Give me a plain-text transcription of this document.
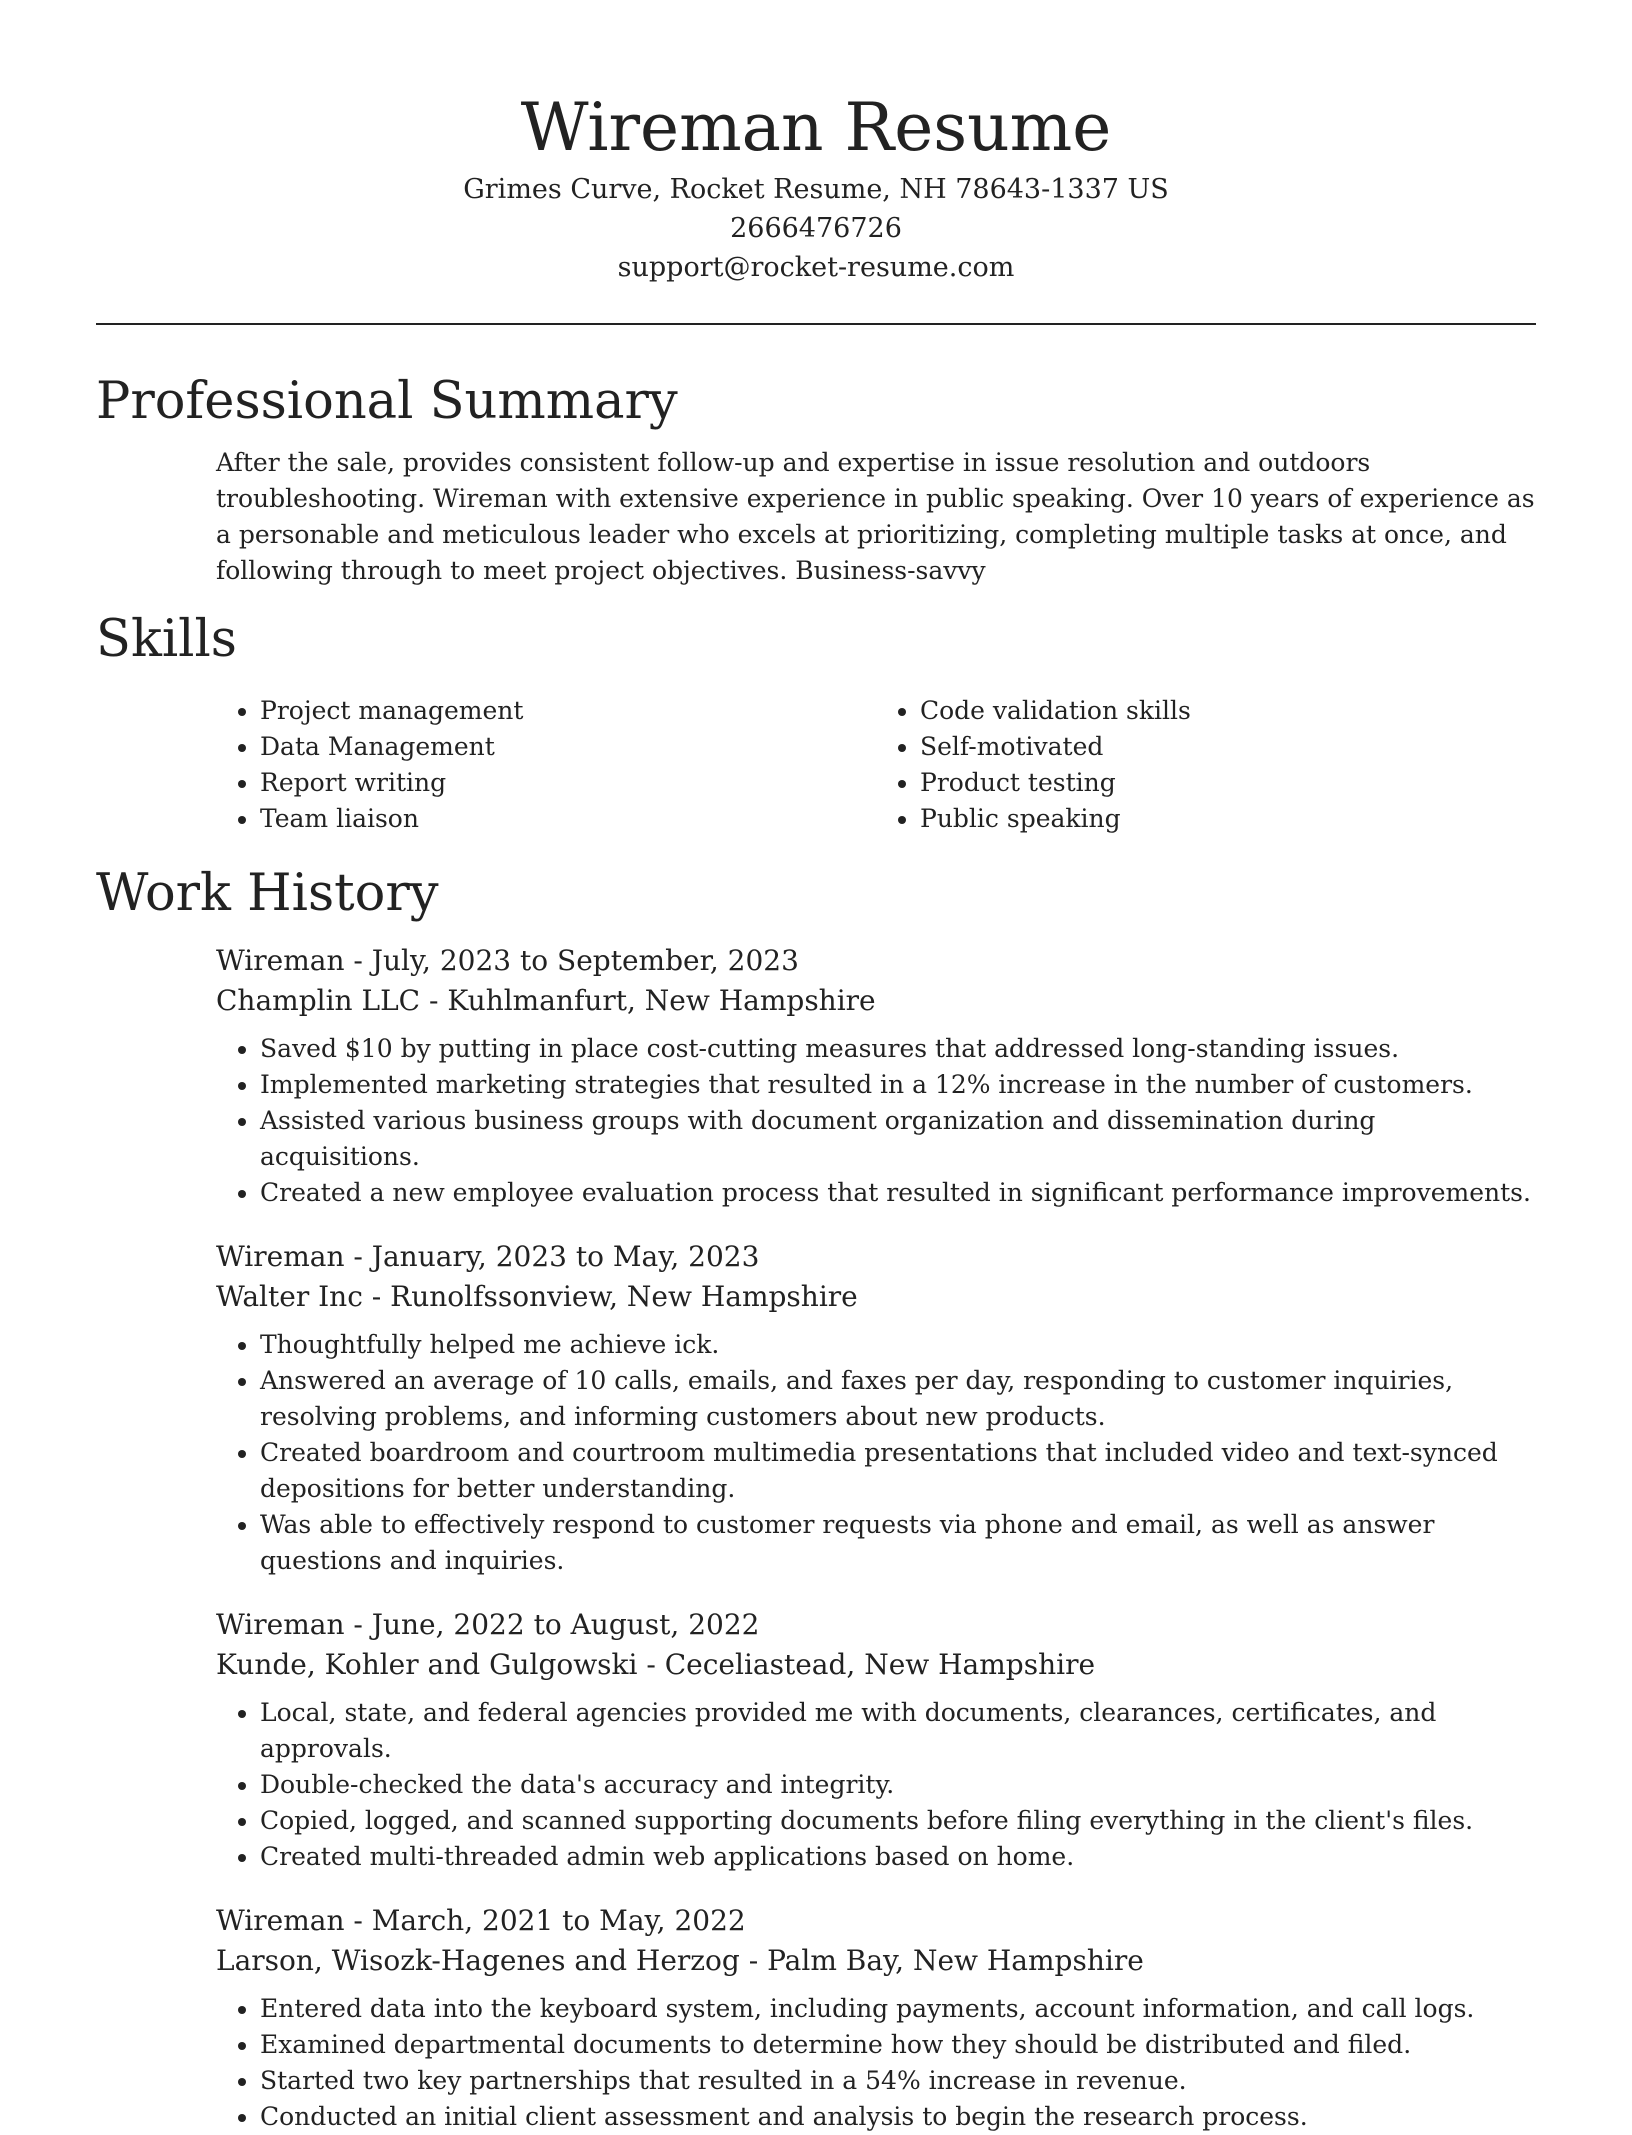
Wireman Resume
Grimes Curve, Rocket Resume, NH 78643-1337 US
2666476726
support@rocket-resume.com
Professional Summary

After the sale, provides consistent follow-up and expertise in issue resolution and outdoors troubleshooting. Wireman with extensive experience in public speaking. Over 10 years of experience as a personable and meticulous leader who excels at prioritizing, completing multiple tasks at once, and following through to meet project objectives. Business-savvy

Skills
• Project management
• Data Management
• Report writing
• Team liaison
• Code validation skills
• Self-motivated
• Product testing
• Public speaking
Work History
Wireman - July, 2023 to September, 2023
Champlin LLC - Kuhlmanfurt, New Hampshire
• Saved $10 by putting in place cost-cutting measures that addressed long-standing issues.
• Implemented marketing strategies that resulted in a 12% increase in the number of customers.
• Assisted various business groups with document organization and dissemination during acquisitions.
• Created a new employee evaluation process that resulted in significant performance improvements.
Wireman - January, 2023 to May, 2023
Walter Inc - Runolfssonview, New Hampshire
• Thoughtfully helped me achieve ick.
• Answered an average of 10 calls, emails, and faxes per day, responding to customer inquiries, resolving problems, and informing customers about new products.
• Created boardroom and courtroom multimedia presentations that included video and text-synced depositions for better understanding.
• Was able to effectively respond to customer requests via phone and email, as well as answer questions and inquiries.
Wireman - June, 2022 to August, 2022
Kunde, Kohler and Gulgowski - Ceceliastead, New Hampshire
• Local, state, and federal agencies provided me with documents, clearances, certificates, and approvals.
• Double-checked the data's accuracy and integrity.
• Copied, logged, and scanned supporting documents before filing everything in the client's files.
• Created multi-threaded admin web applications based on home.
Wireman - March, 2021 to May, 2022
Larson, Wisozk-Hagenes and Herzog - Palm Bay, New Hampshire
• Entered data into the keyboard system, including payments, account information, and call logs.
• Examined departmental documents to determine how they should be distributed and filed.
• Started two key partnerships that resulted in a 54% increase in revenue.
• Conducted an initial client assessment and analysis to begin the research process.
